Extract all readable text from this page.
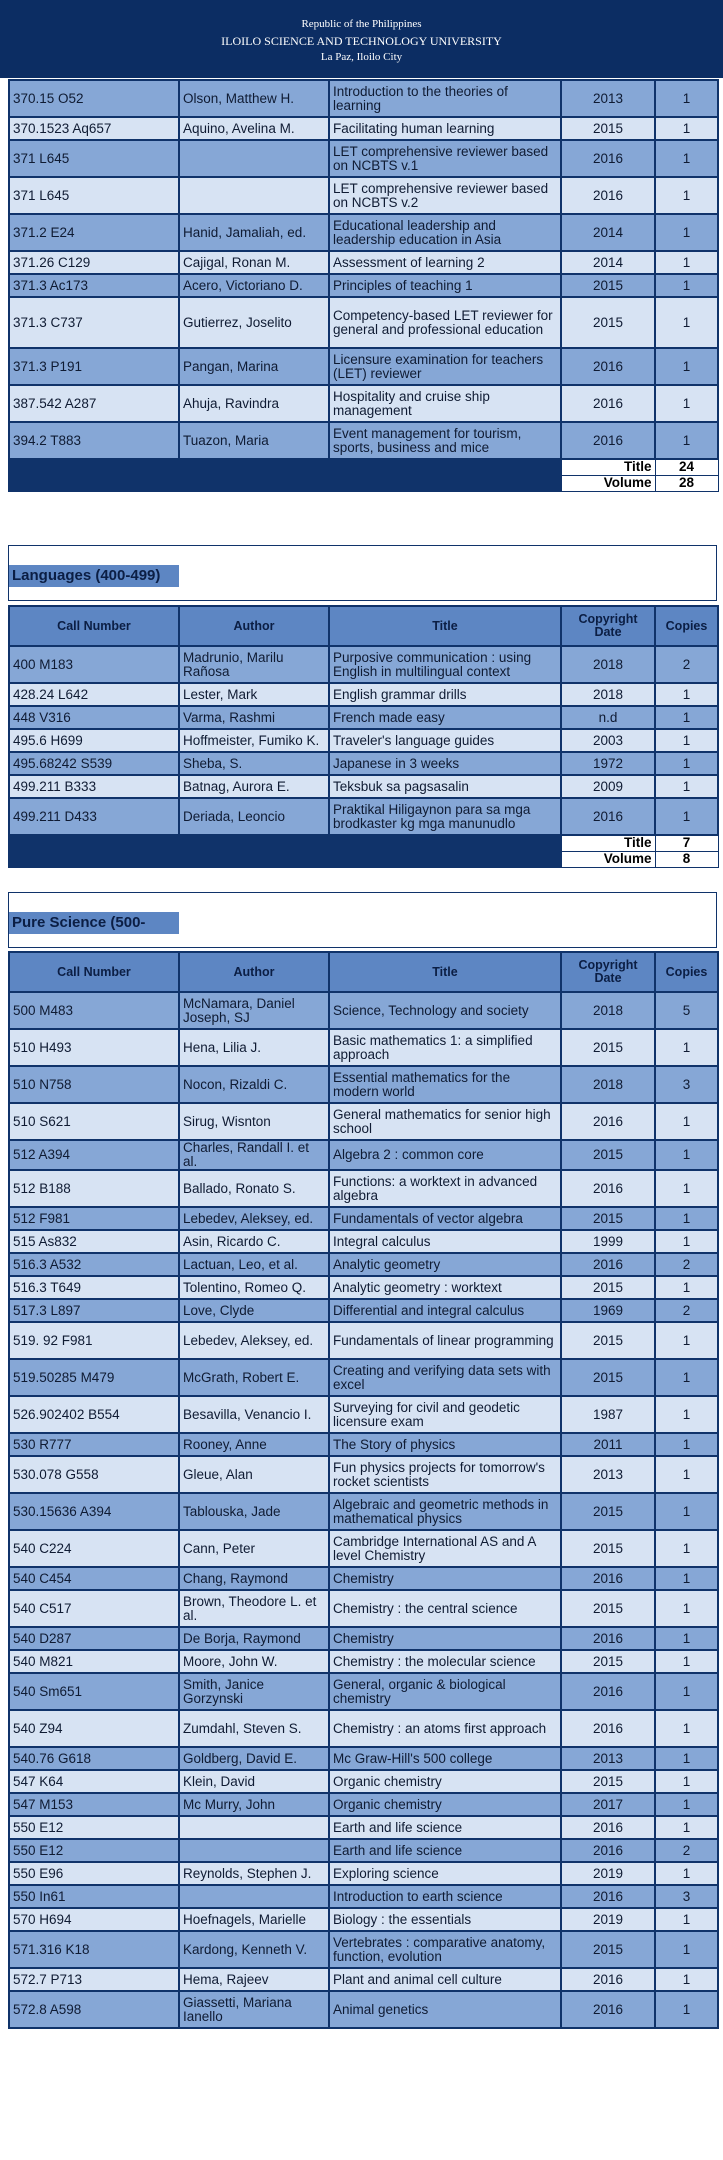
Republic of the Philippines
ILOILO SCIENCE AND TECHNOLOGY UNIVERSITY
La Paz, Iloilo City
370.15 O52	Olson, Matthew H.	Introduction to the theories of learning	2013	1
370.1523 Aq657	Aquino, Avelina M.	Facilitating human learning	2015	1
371 L645		LET comprehensive reviewer based on NCBTS v.1	2016	1
371 L645		LET comprehensive reviewer based on NCBTS v.2	2016	1
371.2 E24	Hanid, Jamaliah, ed.	Educational leadership and leadership education in Asia	2014	1
371.26 C129	Cajigal, Ronan M.	Assessment of learning 2	2014	1
371.3 Ac173	Acero, Victoriano D.	Principles of teaching 1	2015	1
371.3 C737	Gutierrez, Joselito	Competency-based LET reviewer for general and professional education	2015	1
371.3 P191	Pangan, Marina	Licensure examination for teachers (LET) reviewer	2016	1
387.542 A287	Ahuja, Ravindra	Hospitality and cruise ship management	2016	1
394.2 T883	Tuazon, Maria	Event management for tourism, sports, business and mice	2016	1
			Title	24
			Volume	28
Languages (400-499)
Call Number	Author	Title	Copyright Date	Copies
400 M183	Madrunio, Marilu Rañosa	Purposive communication : using English in multilingual context	2018	2
428.24 L642	Lester, Mark	English grammar drills	2018	1
448 V316	Varma, Rashmi	French made easy	n.d	1
495.6 H699	Hoffmeister, Fumiko K.	Traveler's language guides	2003	1
495.68242 S539	Sheba, S.	Japanese in 3 weeks	1972	1
499.211 B333	Batnag, Aurora E.	Teksbuk sa pagsasalin	2009	1
499.211 D433	Deriada, Leoncio	Praktikal Hiligaynon para sa mga brodkaster kg mga manunudlo	2016	1
			Title	7
			Volume	8
Pure Science (500-
Call Number	Author	Title	Copyright Date	Copies
500 M483	McNamara, Daniel Joseph, SJ	Science, Technology and society	2018	5
510 H493	Hena, Lilia J.	Basic mathematics 1: a simplified approach	2015	1
510 N758	Nocon, Rizaldi C.	Essential mathematics for the modern world	2018	3
510 S621	Sirug, Wisnton	General mathematics for senior high school	2016	1
512 A394	Charles, Randall I. et al.	Algebra 2 : common core	2015	1
512 B188	Ballado, Ronato S.	Functions: a worktext in advanced algebra	2016	1
512 F981	Lebedev, Aleksey, ed.	Fundamentals of vector algebra	2015	1
515 As832	Asin, Ricardo C.	Integral calculus	1999	1
516.3 A532	Lactuan, Leo, et al.	Analytic geometry	2016	2
516.3 T649	Tolentino, Romeo Q.	Analytic geometry : worktext	2015	1
517.3 L897	Love, Clyde	Differential and integral calculus	1969	2
519. 92 F981	Lebedev, Aleksey, ed.	Fundamentals of linear programming	2015	1
519.50285 M479	McGrath, Robert E.	Creating and verifying data sets with excel	2015	1
526.902402 B554	Besavilla, Venancio I.	Surveying for civil and geodetic licensure exam	1987	1
530 R777	Rooney, Anne	The Story of physics	2011	1
530.078 G558	Gleue, Alan	Fun physics projects for tomorrow's rocket scientists	2013	1
530.15636 A394	Tablouska, Jade	Algebraic and geometric methods in mathematical physics	2015	1
540 C224	Cann, Peter	Cambridge International AS and A level Chemistry	2015	1
540 C454	Chang, Raymond	Chemistry	2016	1
540 C517	Brown, Theodore L. et al.	Chemistry : the central science	2015	1
540 D287	De Borja, Raymond	Chemistry	2016	1
540 M821	Moore, John W.	Chemistry : the molecular science	2015	1
540 Sm651	Smith, Janice Gorzynski	General, organic & biological chemistry	2016	1
540 Z94	Zumdahl, Steven S.	Chemistry : an atoms first approach	2016	1
540.76 G618	Goldberg, David E.	Mc Graw-Hill's 500 college	2013	1
547 K64	Klein, David	Organic chemistry	2015	1
547 M153	Mc Murry, John	Organic chemistry	2017	1
550 E12		Earth and life science	2016	1
550 E12		Earth and life science	2016	2
550 E96	Reynolds, Stephen J.	Exploring science	2019	1
550 In61		Introduction to earth science	2016	3
570 H694	Hoefnagels, Marielle	Biology : the essentials	2019	1
571.316 K18	Kardong, Kenneth V.	Vertebrates : comparative anatomy, function, evolution	2015	1
572.7 P713	Hema, Rajeev	Plant and animal cell culture	2016	1
572.8 A598	Giassetti, Mariana Ianello	Animal genetics	2016	1
